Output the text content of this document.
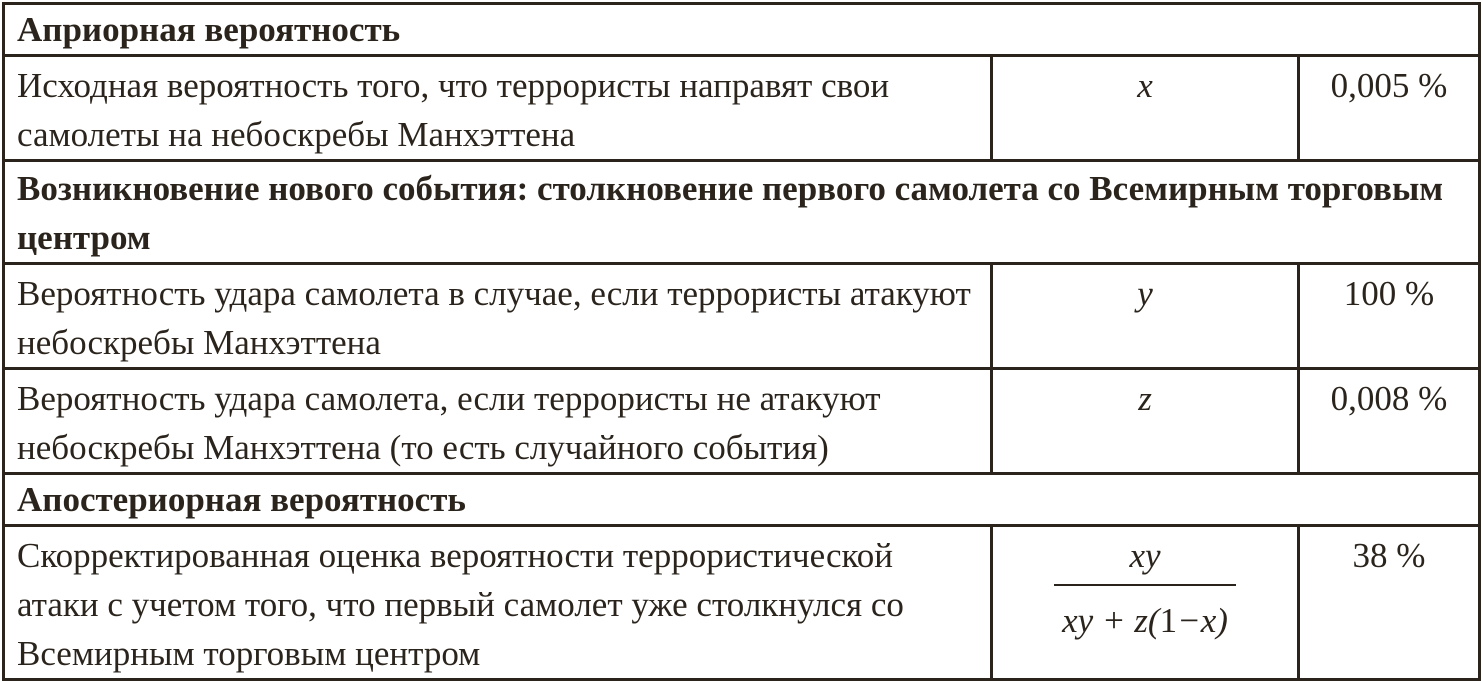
Априорная вероятность		
Исходная вероятность того, что террористы направят свои самолеты на небоскребы Манхэттена	x	0,005 %
Возникновение нового события: столкновение первого самолета со Всемирным торговым центром		
Вероятность удара самолета в случае, если террористы атакуют небоскребы Манхэттена	y	100 %
Вероятность удара самолета, если террористы не атакуют небоскребы Манхэттена (то есть случайного события)	z	0,008 %
Апостериорная вероятность		
Скорректированная оценка вероятности террористической атаки с учетом того, что первый самолет уже столкнулся со Всемирным торговым центром	$\frac{xy}{xy + z(1-x)}$	38 %
